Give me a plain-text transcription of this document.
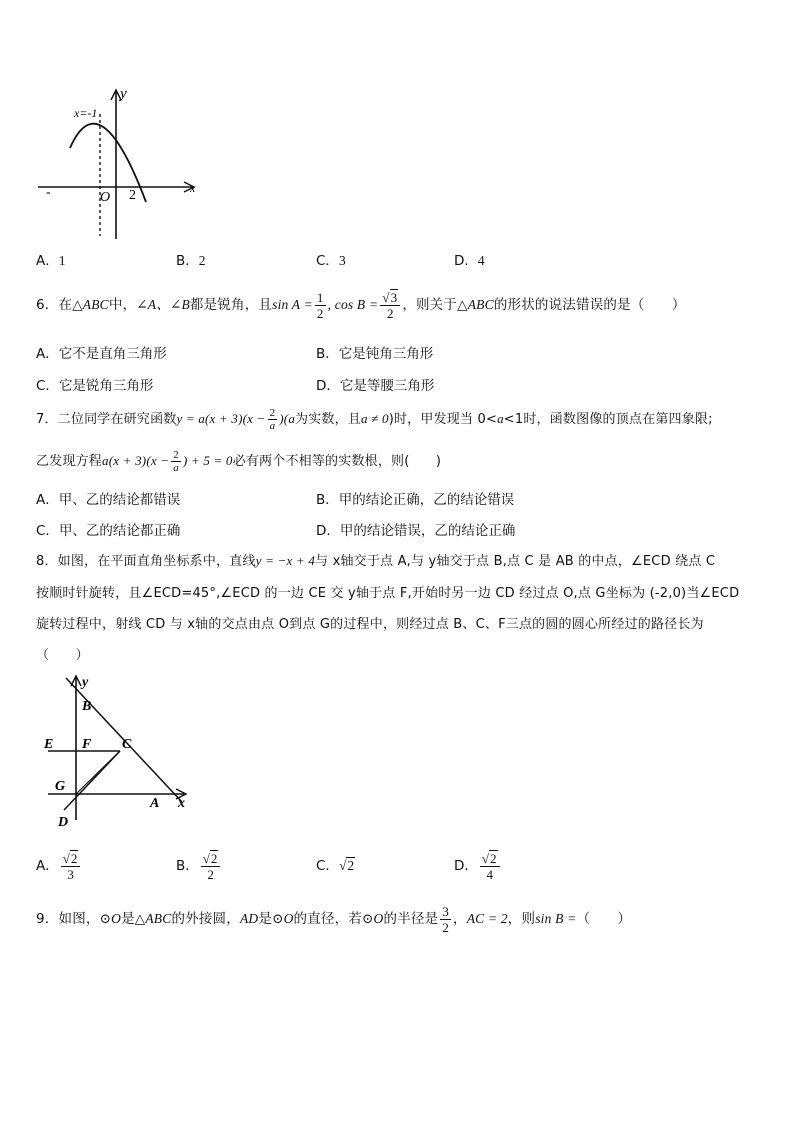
y
x
x=-1
O 2
-
A．1	B．2	C．3	D．4
6．在△ABC中，∠A、∠B都是锐角，且$\sin A = \frac{1}{2}$ , $\cos B = \frac{√3}{2}$ ，则关于△ABC的形状的说法错误的是（　　）
A．它不是直角三角形	B．它是钝角三角形
C．它是锐角三角形	D．它是等腰三角形
7．二位同学在研究函数$y = a(x + 3)(x - \frac{2}{a} )(a$为实数，且a ≠ 0)时，甲发现当 0<a<1时，函数图像的顶点在第四象限;
乙发现方程$a(x + 3)(x - \frac{2}{a}$ ) + 5 = 0必有两个不相等的实数根，则(　　)
A．甲、乙的结论都错误	B．甲的结论正确，乙的结论错误
C．甲、乙的结论都正确	D．甲的结论错误，乙的结论正确
8．如图，在平面直角坐标系中，直线y = −x + 4与 x轴交于点 A,与 y轴交于点 B,点 C 是 AB 的中点，∠ECD 绕点 C
按顺时针旋转，且∠ECD=45°,∠ECD 的一边 CE 交 y轴于点 F,开始时另一边 CD 经过点 O,点 G坐标为 (-2,0)当∠ECD
旋转过程中，射线 CD 与 x轴的交点由点 O到点 G的过程中，则经过点 B、C、F三点的圆的圆心所经过的路径长为
（　　）
y
B
E F C
G
A x
D
A． $\frac{√2}{3}$	B． $\frac{√2}{2}$	C．√2	D． $\frac{√2}{4}$
9．如图，⊙O是△ABC的外接圆，AD是⊙O的直径，若⊙O的半径是 $\frac{3}{2}$ ，AC = 2，则sin B =（　　）
